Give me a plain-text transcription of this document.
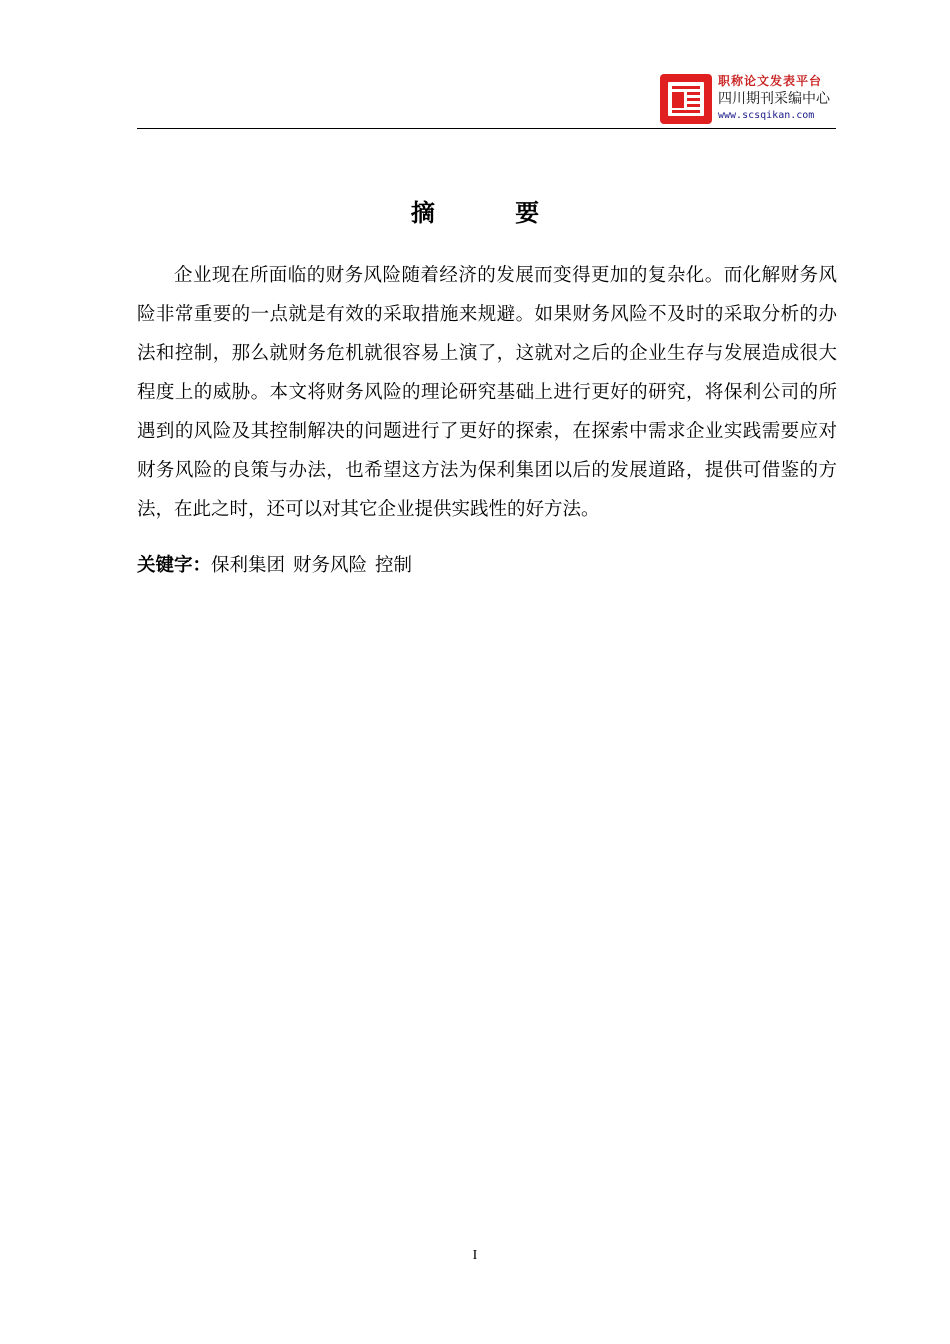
职称论文发表平台
四川期刊采编中心
www.scsqikan.com
摘 要

企业现在所面临的财务风险随着经济的发展而变得更加的复杂化。而化解财务风险非常重要的一点就是有效的采取措施来规避。如果财务风险不及时的采取分析的办法和控制，那么就财务危机就很容易上演了，这就对之后的企业生存与发展造成很大程度上的威胁。本文将财务风险的理论研究基础上进行更好的研究，将保利公司的所遇到的风险及其控制解决的问题进行了更好的探索，在探索中需求企业实践需要应对财务风险的良策与办法，也希望这方法为保利集团以后的发展道路，提供可借鉴的方法，在此之时，还可以对其它企业提供实践性的好方法。

关键字：保利集团 财务风险 控制
I
